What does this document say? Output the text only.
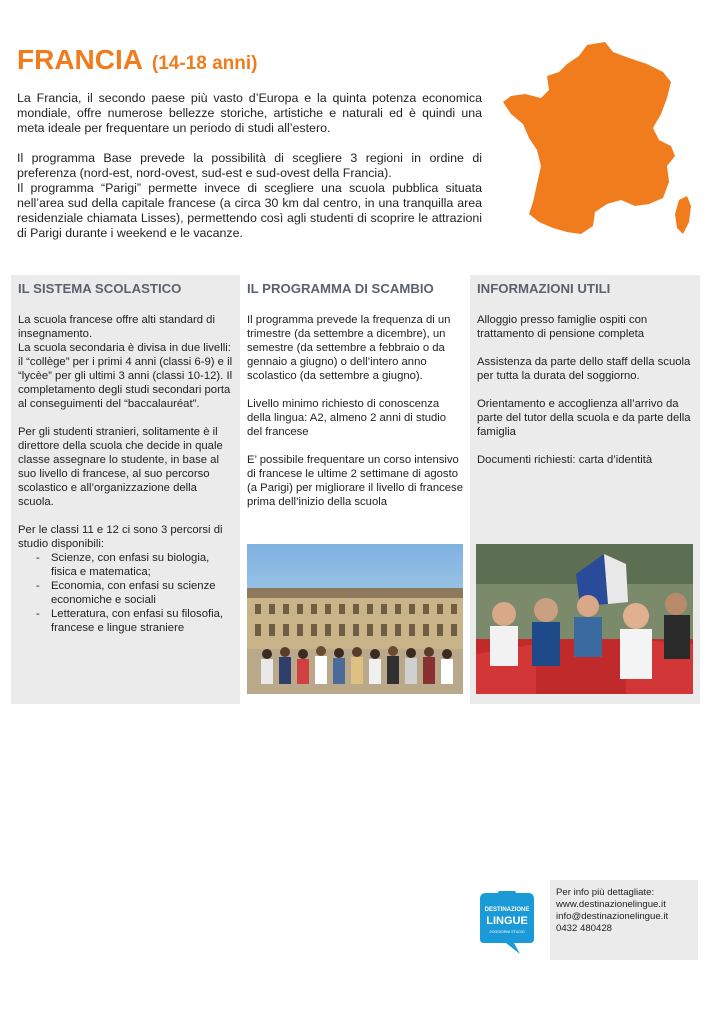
FRANCIA (14-18 anni)

La Francia, il secondo paese più vasto d’Europa e la quinta potenza economica mondiale, offre numerose bellezze storiche, artistiche e naturali ed è quindi una meta ideale per frequentare un periodo di studi all’estero.

Il programma Base prevede la possibilità di scegliere 3 regioni in ordine di preferenza (nord-est, nord-ovest, sud-est e sud-ovest della Francia).

Il programma “Parigi” permette invece di scegliere una scuola pubblica situata nell’area sud della capitale francese (a circa 30 km dal centro, in una tranquilla area residenziale chiamata Lisses), permettendo così agli studenti di scoprire le attrazioni di Parigi durante i weekend e le vacanze.

IL SISTEMA SCOLASTICO

La scuola francese offre alti standard di insegnamento.

La scuola secondaria è divisa in due livelli: il “collège” per i primi 4 anni (classi 6-9) e il “lycèe” per gli ultimi 3 anni (classi 10-12). Il completamento degli studi secondari porta al conseguimenti del “baccalauréat”.

Per gli studenti stranieri, solitamente è il direttore della scuola che decide in quale classe assegnare lo studente, in base al suo livello di francese, al suo percorso scolastico e all’organizzazione della scuola.

Per le classi 11 e 12 ci sono 3 percorsi di studio disponibili:

- Scienze, con enfasi su biologia, fisica e matematica;
- Economia, con enfasi su scienze economiche e sociali
- Letteratura, con enfasi su filosofia, francese e lingue straniere
IL PROGRAMMA DI SCAMBIO

Il programma prevede la frequenza di un trimestre (da settembre a dicembre), un semestre (da settembre a febbraio o da gennaio a giugno) o dell’intero anno scolastico (da settembre a giugno).

Livello minimo richiesto di conoscenza della lingua: A2, almeno 2 anni di studio del francese

E’ possibile frequentare un corso intensivo di francese le ultime 2 settimane di agosto (a Parigi) per migliorare il livello di francese prima dell’inizio della scuola

INFORMAZIONI UTILI

Alloggio presso famiglie ospiti con trattamento di pensione completa

Assistenza da parte dello staff della scuola per tutta la durata del soggiorno.

Orientamento e accoglienza all’arrivo da parte del tutor della scuola e da parte della famiglia

Documenti richiesti: carta d’identità

DESTINAZIONE
LINGUE
SOGGIORNI STUDIO
Per info più dettagliate:
www.destinazionelingue.it
info@destinazionelingue.it
0432 480428
